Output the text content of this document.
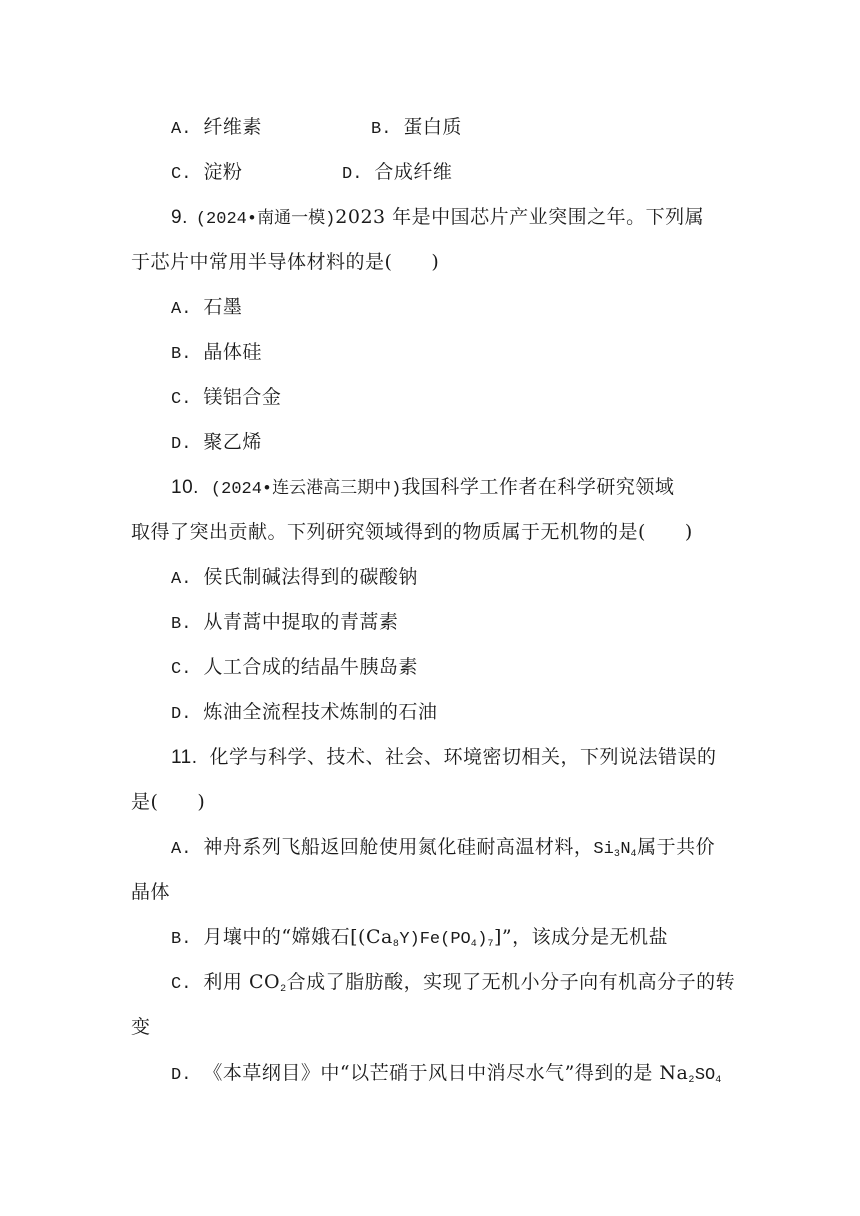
A. 纤维素	B. 蛋白质
C. 淀粉	D. 合成纤维
9. (2024•南通一模)2023 年是中国芯片产业突围之年。下列属
于芯片中常用半导体材料的是(　　)
A. 石墨
B. 晶体硅
C. 镁铝合金
D. 聚乙烯
10. (2024•连云港高三期中)我国科学工作者在科学研究领域
取得了突出贡献。下列研究领域得到的物质属于无机物的是(　　)
A. 侯氏制碱法得到的碳酸钠
B. 从青蒿中提取的青蒿素
C. 人工合成的结晶牛胰岛素
D. 炼油全流程技术炼制的石油
11. 化学与科学、技术、社会、环境密切相关，下列说法错误的
是(　　)
A. 神舟系列飞船返回舱使用氮化硅耐高温材料，$Si_3N_4$属于共价
晶体
B. 月壤中的“嫦娥石$[(Ca_8Y)Fe(PO_4)_7]$”，该成分是无机盐
C. 利用 $CO_2$合成了脂肪酸，实现了无机小分子向有机高分子的转
变
D. 《本草纲目》中“以芒硝于风日中消尽水气”得到的是 $Na_2SO_4$
